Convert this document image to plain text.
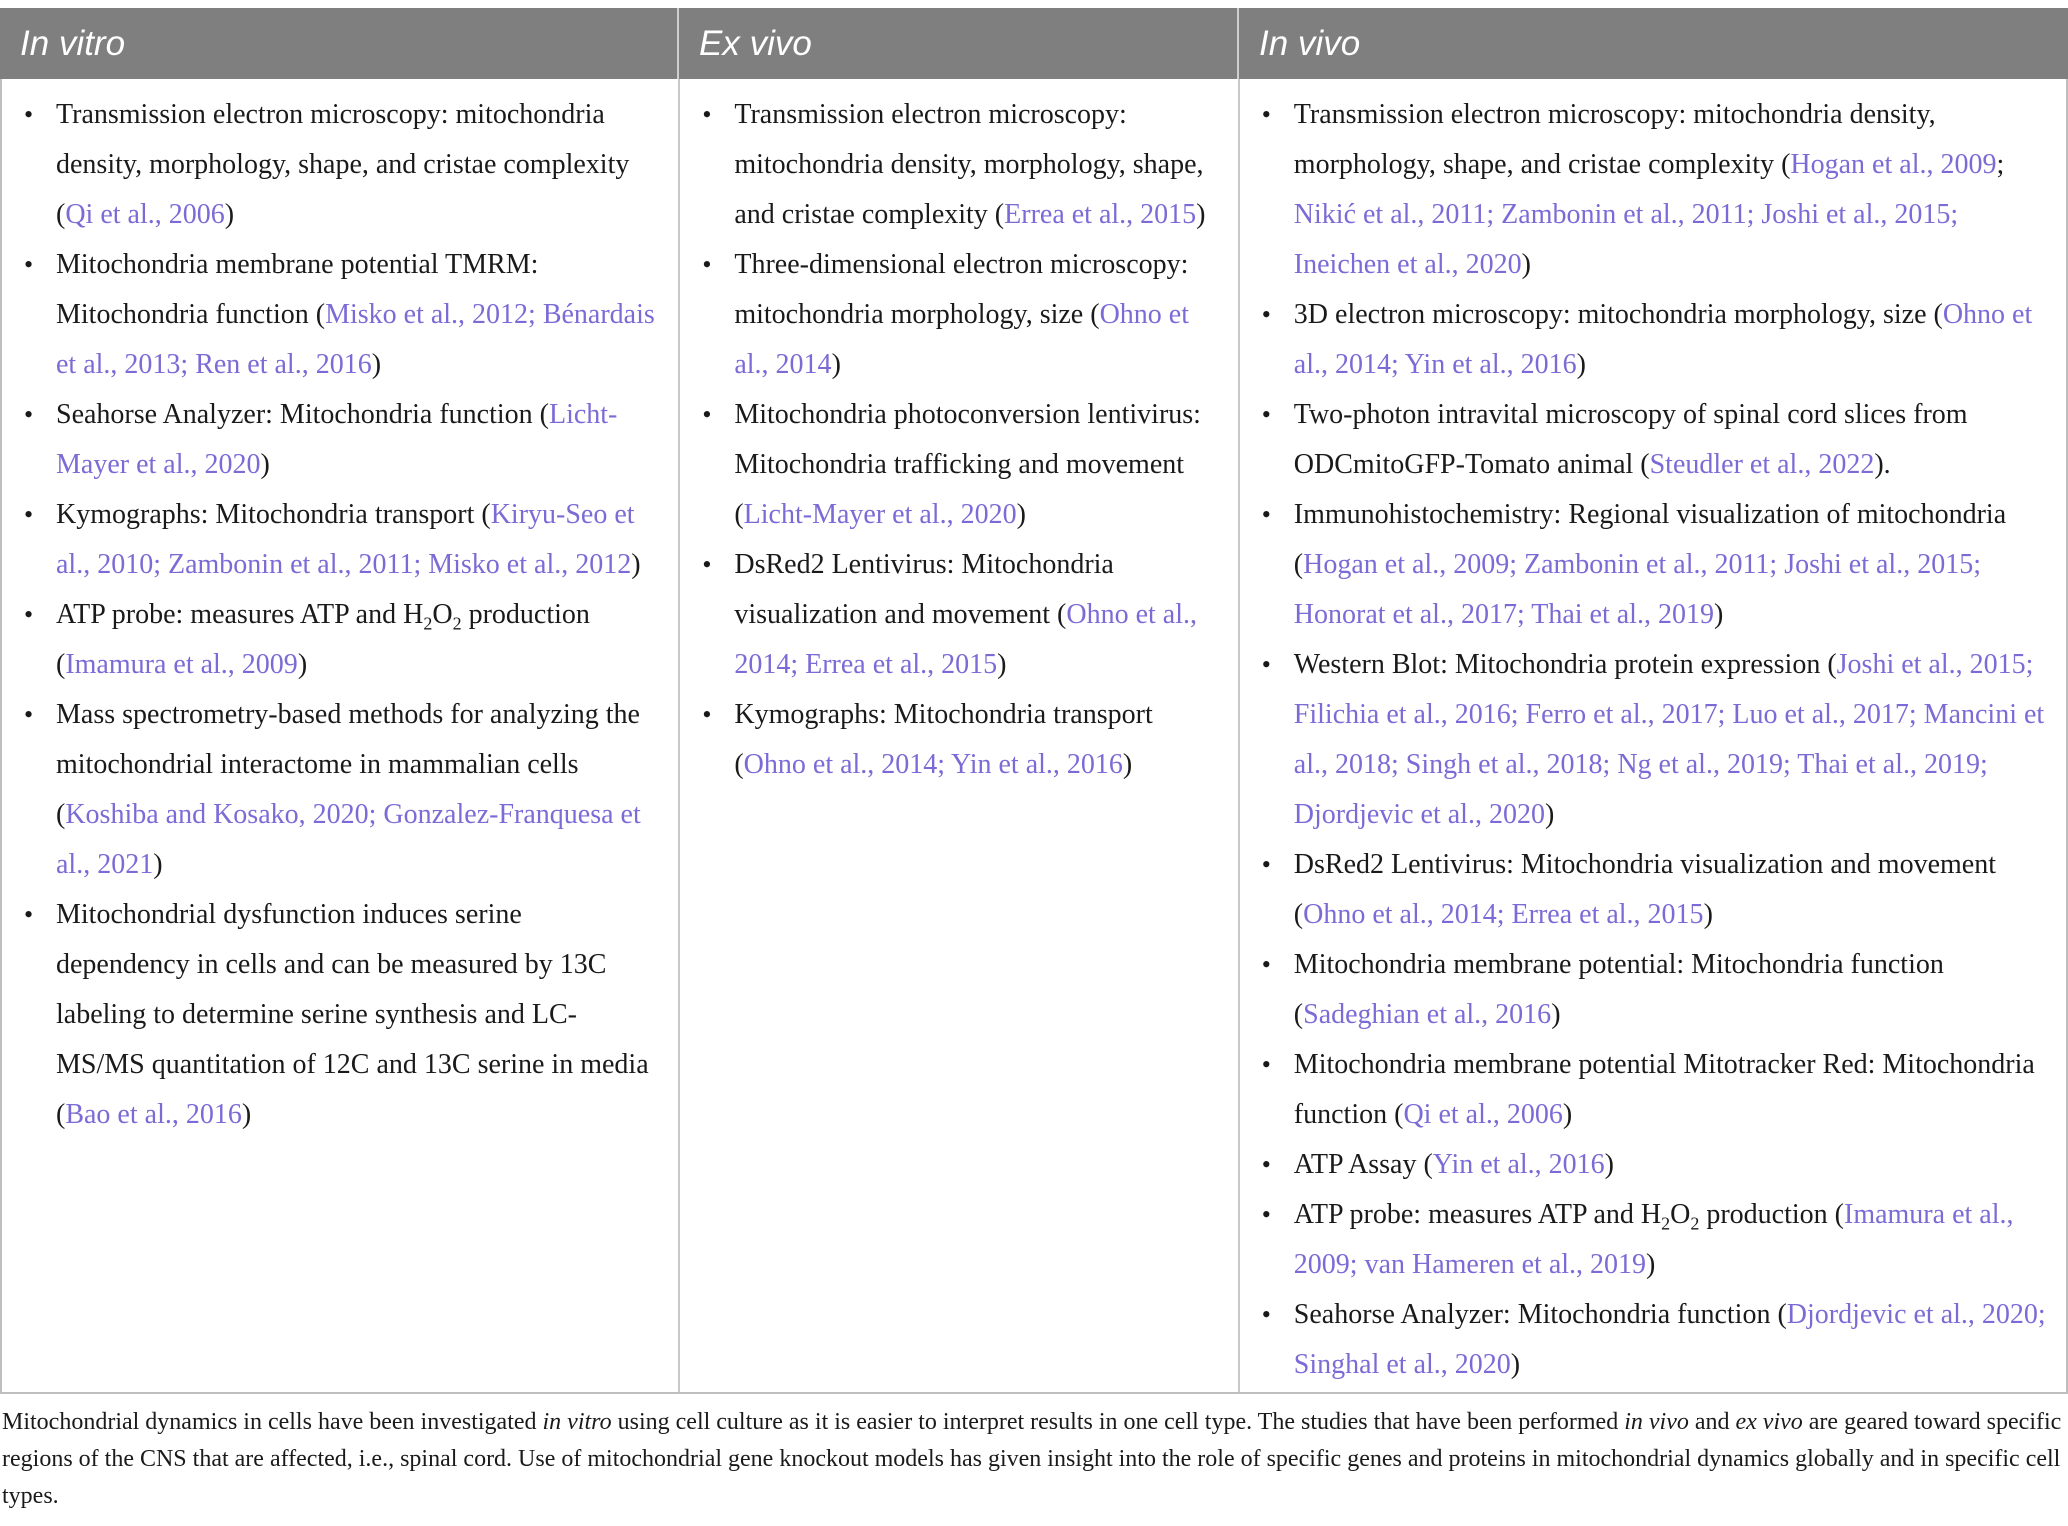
In vitro	Ex vivo	In vivo
• Transmission electron microscopy: mitochondria density, morphology, shape, and cristae complexity (Qi et al., 2006)
• Mitochondria membrane potential TMRM: Mitochondria function (Misko et al., 2012; Bénardais et al., 2013; Ren et al., 2016)
• Seahorse Analyzer: Mitochondria function (Licht-Mayer et al., 2020)
• Kymographs: Mitochondria transport (Kiryu-Seo et al., 2010; Zambonin et al., 2011; Misko et al., 2012)
• ATP probe: measures ATP and $H_2O_2$ production (Imamura et al., 2009)
• Mass spectrometry-based methods for analyzing the mitochondrial interactome in mammalian cells (Koshiba and Kosako, 2020; Gonzalez-Franquesa et al., 2021)
• Mitochondrial dysfunction induces serine dependency in cells and can be measured by 13C labeling to determine serine synthesis and LC-MS/MS quantitation of 12C and 13C serine in media (Bao et al., 2016)
• Transmission electron microscopy: mitochondria density, morphology, shape, and cristae complexity (Errea et al., 2015)
• Three-dimensional electron microscopy: mitochondria morphology, size (Ohno et al., 2014)
• Mitochondria photoconversion lentivirus: Mitochondria trafficking and movement (Licht-Mayer et al., 2020)
• DsRed2 Lentivirus: Mitochondria visualization and movement (Ohno et al., 2014; Errea et al., 2015)
• Kymographs: Mitochondria transport (Ohno et al., 2014; Yin et al., 2016)
• Transmission electron microscopy: mitochondria density, morphology, shape, and cristae complexity (Hogan et al., 2009; Nikić et al., 2011; Zambonin et al., 2011; Joshi et al., 2015; Ineichen et al., 2020)
• 3D electron microscopy: mitochondria morphology, size (Ohno et al., 2014; Yin et al., 2016)
• Two-photon intravital microscopy of spinal cord slices from ODCmitoGFP-Tomato animal (Steudler et al., 2022).
• Immunohistochemistry: Regional visualization of mitochondria (Hogan et al., 2009; Zambonin et al., 2011; Joshi et al., 2015; Honorat et al., 2017; Thai et al., 2019)
• Western Blot: Mitochondria protein expression (Joshi et al., 2015; Filichia et al., 2016; Ferro et al., 2017; Luo et al., 2017; Mancini et al., 2018; Singh et al., 2018; Ng et al., 2019; Thai et al., 2019; Djordjevic et al., 2020)
• DsRed2 Lentivirus: Mitochondria visualization and movement (Ohno et al., 2014; Errea et al., 2015)
• Mitochondria membrane potential: Mitochondria function (Sadeghian et al., 2016)
• Mitochondria membrane potential Mitotracker Red: Mitochondria function (Qi et al., 2006)
• ATP Assay (Yin et al., 2016)
• ATP probe: measures ATP and $H_2O_2$ production (Imamura et al., 2009; van Hameren et al., 2019)
• Seahorse Analyzer: Mitochondria function (Djordjevic et al., 2020; Singhal et al., 2020)
Mitochondrial dynamics in cells have been investigated in vitro using cell culture as it is easier to interpret results in one cell type. The studies that have been performed in vivo and ex vivo are geared toward specific regions of the CNS that are affected, i.e., spinal cord. Use of mitochondrial gene knockout models has given insight into the role of specific genes and proteins in mitochondrial dynamics globally and in specific cell types.
